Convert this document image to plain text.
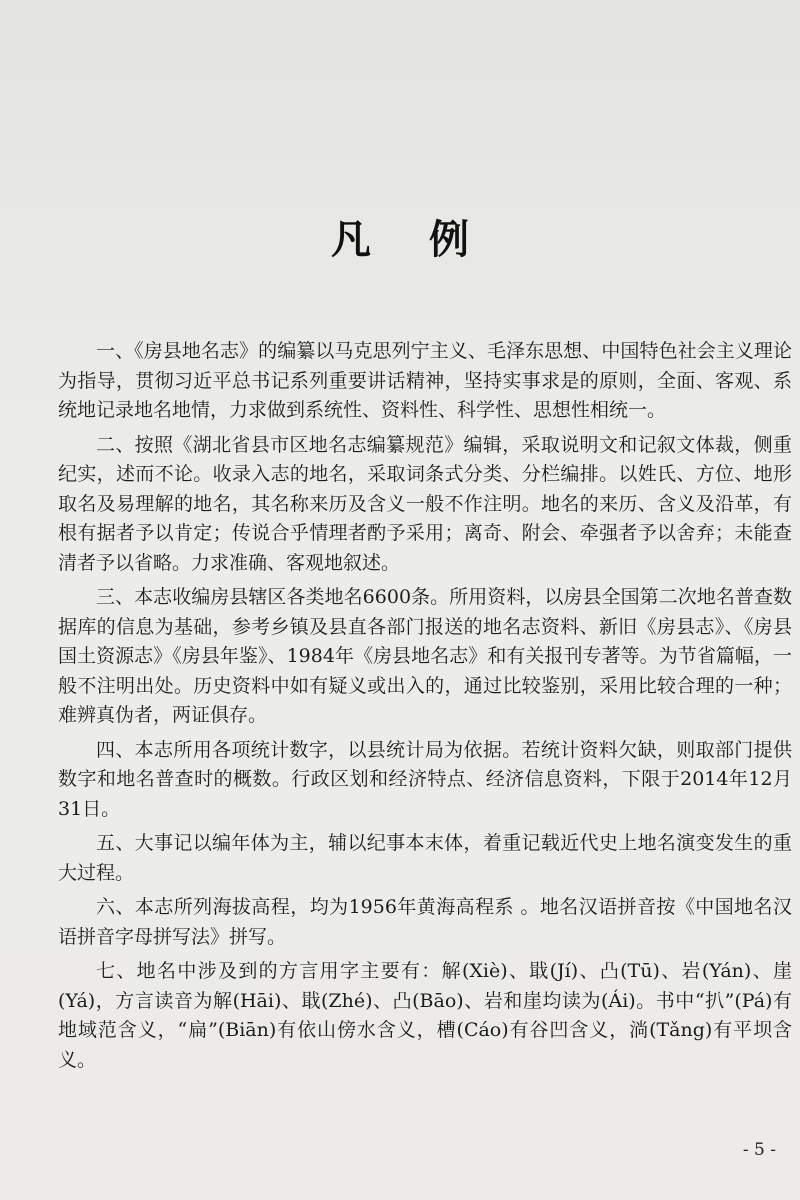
凡 例

一、《房县地名志》的编纂以马克思列宁主义、毛泽东思想、中国特色社会主义理论为指导，贯彻习近平总书记系列重要讲话精神，坚持实事求是的原则，全面、客观、系统地记录地名地情，力求做到系统性、资料性、科学性、思想性相统一。

二、按照《湖北省县市区地名志编纂规范》编辑，采取说明文和记叙文体裁，侧重纪实，述而不论。收录入志的地名，采取词条式分类、分栏编排。以姓氏、方位、地形取名及易理解的地名，其名称来历及含义一般不作注明。地名的来历、含义及沿革，有根有据者予以肯定；传说合乎情理者酌予采用；离奇、附会、牵强者予以舍弃；未能查清者予以省略。力求准确、客观地叙述。

三、本志收编房县辖区各类地名6600条。所用资料，以房县全国第二次地名普查数据库的信息为基础，参考乡镇及县直各部门报送的地名志资料、新旧《房县志》、《房县国土资源志》《房县年鉴》、1984年《房县地名志》和有关报刊专著等。为节省篇幅，一般不注明出处。历史资料中如有疑义或出入的，通过比较鉴别，采用比较合理的一种；难辨真伪者，两证俱存。

四、本志所用各项统计数字，以县统计局为依据。若统计资料欠缺，则取部门提供数字和地名普查时的概数。行政区划和经济特点、经济信息资料，下限于2014年12月31日。

五、大事记以编年体为主，辅以纪事本末体，着重记载近代史上地名演变发生的重大过程。

六、本志所列海拔高程，均为1956年黄海高程系 。地名汉语拼音按《中国地名汉语拼音字母拼写法》拼写。

七、地名中涉及到的方言用字主要有：解(Xiè)、戢(Jí)、凸(Tū)、岩(Yán)、崖(Yá)，方言读音为解(Hāi)、戢(Zhé)、凸(Bāo)、岩和崖均读为(Ái)。书中“扒”(Pá)有地域范含义，“扁”(Biān)有依山傍水含义，槽(Cáo)有谷凹含义，淌(Tǎng)有平坝含义。

- 5 -
